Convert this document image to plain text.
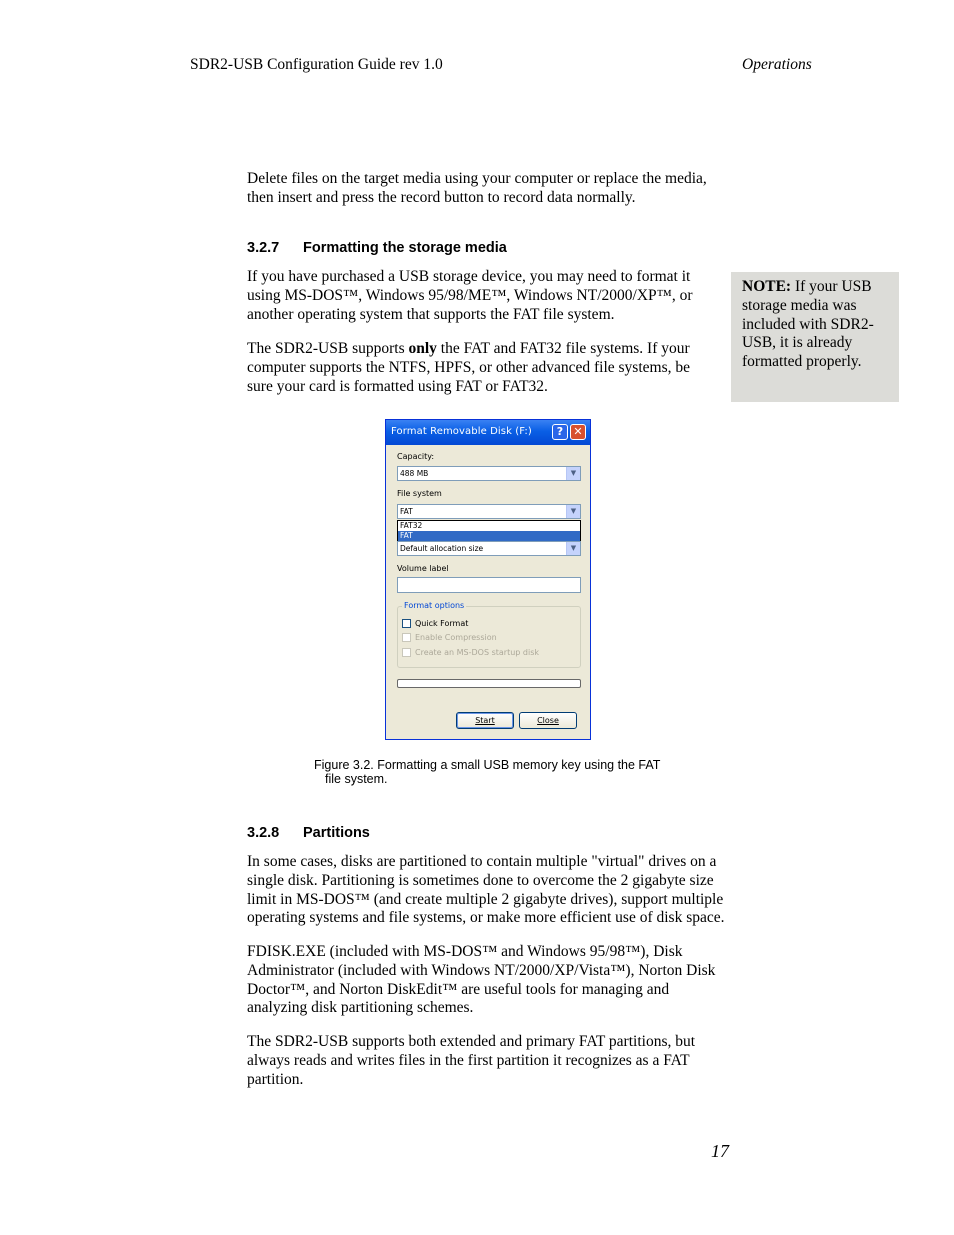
SDR2-USB Configuration Guide rev 1.0	Operations

Delete files on the target media using your computer or replace the media, then insert and press the record button to record data normally.

3.2.7 Formatting the storage media

If you have purchased a USB storage device, you may need to format it using MS-DOS™, Windows 95/98/ME™, Windows NT/2000/XP™, or another operating system that supports the FAT file system.

The SDR2-USB supports only the FAT and FAT32 file systems. If your computer supports the NTFS, HPFS, or other advanced file systems, be sure your card is formatted using FAT or FAT32.

NOTE: If your USB storage media was included with SDR2-USB, it is already formatted properly.
Format Removable Disk (F:)	? ✕
Capacity:
488 MB	▼
File system
FAT	▼
FAT32
FAT
Default allocation size	▼
Volume label
Format options
Quick Format
Enable Compression
Create an MS-DOS startup disk
Start	Close
Figure 3.2. Formatting a small USB memory key using the FAT
file system.
3.2.8 Partitions

In some cases, disks are partitioned to contain multiple "virtual" drives on a single disk. Partitioning is sometimes done to overcome the 2 gigabyte size limit in MS-DOS™ (and create multiple 2 gigabyte drives), support multiple operating systems and file systems, or make more efficient use of disk space.

FDISK.EXE (included with MS-DOS™ and Windows 95/98™), Disk Administrator (included with Windows NT/2000/XP/Vista™), Norton Disk Doctor™, and Norton DiskEdit™ are useful tools for managing and analyzing disk partitioning schemes.

The SDR2-USB supports both extended and primary FAT partitions, but always reads and writes files in the first partition it recognizes as a FAT partition.

17
